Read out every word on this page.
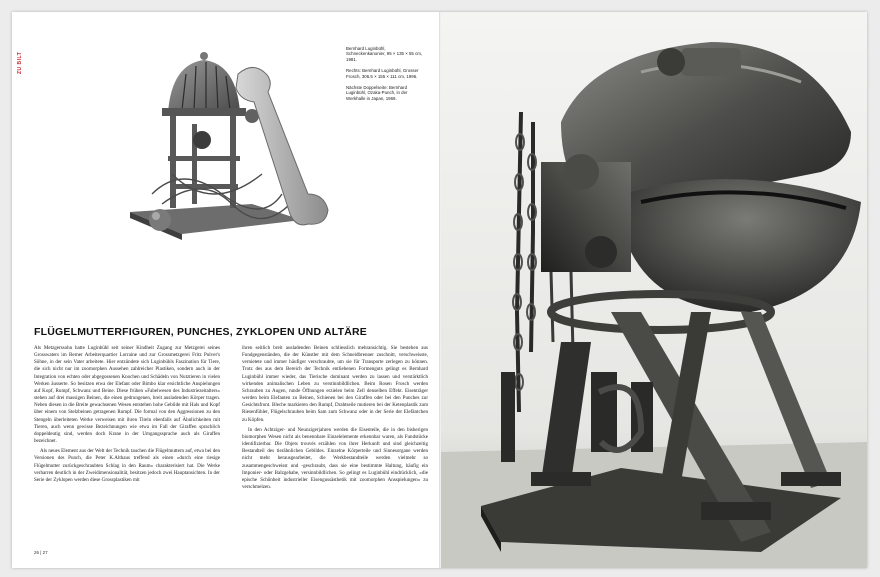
ZU BILT

Bernhard Luginbühl, Schneckenkanonier, 95 × 135 × 55 cm, 1981.

Rechts: Bernhard Luginbühl, Grosser Frosch, 306.5 × 155 × 111 cm, 1996.

Nächste Doppelseite: Bernhard Luginbühl, Ozaka-Punch, in der Werkhalle in Japan, 1969.

FLÜGELMUTTERFIGUREN, PUNCHES, ZYKLOPEN UND ALTÄRE

Als Metzgerssohn hatte Luginbühl seit seiner Kindheit Zugang zur Metzgerei seines Grosswaters im Berner Arbeiterquartier Lorraine und zur Grossmetzgerei Fritz Pulver's Söhne, in der sein Vater arbeitete. Hier entzündete sich Luginbühls Faszination für Tiere, die sich nicht nur im zoomorphen Aussehen zahlreicher Plastiken, sondern auch in der Integration von echten oder abgegossenen Knochen und Schädeln von Nutztieren in vielen Werken äusserte. So besitzen etwa der Elefant oder Bimbo klar ersichtliche Anspielungen auf Kopf, Rumpf, Schwanz und Beine. Diese frühen «Fabelwesen des Industriezeitalters» stehen auf drei massigen Beinen, die einen gedrungenen, breit ausladenden Körper tragen. Neben diesen in die Breite gewachsenen Wesen entstehen hohe Gebilde mit Hals und Kopf über einem von Stelzbeinen getragenen Rumpf. Die formal von den Aggressionen zu den Stengeln überleiteten Werke verweisen mit ihren Titeln ebenfalls auf Ähnlichkeiten mit Tieren, auch wenn gewisse Bezeichnungen wie etwa im Fall der Giraffen sprachlich doppeldeutig sind, werden doch Krane in der Umgangssprache auch als Giraffen bezeichnet.

Als neues Element aus der Welt der Technik tauchen die Flügelmuttern auf, etwa bei den Versionen des Punch, die Peter K.Althaus treffend als einen «durch eine riesige Flügelmutter zurückgeschraubten Schlag in den Raum» charakterisiert hat. Die Werke verharren deutlich in der Zweidimensionalität, besitzen jedoch zwei Hauptansichten. In der Serie der Zyklopen werden diese Grossplastiken mit

ihren seitlich breit ausladenden Beinen schliesslich mehransichtig. Sie bestehen aus Fundgegenständen, die der Künstler mit dem Schneidbrenner zuschnitt, verschweisste, vernietete und immer häufiger verschraubte, um sie für Transporte zerlegen zu können. Trotz des aus dem Bereich der Technik entliehenen Formenguts gelingt es Bernhard Luginbühl immer wieder, das Tierische dominant werden zu lassen und verstärktlich wirkenden animalischen Leben zu verstinnbildlichen. Beim Rosen Frosch werden Schrauben zu Augen, runde Öffnungen erzielen beim Zell denselben Effekt. Eisenträger werden beim Elefanten zu Beinen, Schienen bei den Giraffen oder bei den Punches zur Gesichtsfront. Bleche markieren den Rumpf, Drahtseile mutieren bei der Ketenplastik zum Riesenfühler, Flügelschrauben beim Sam zum Schwanz oder in der Serie der Elefäntchen zu Köpfen.

In den Achtziger- und Neunzigerjahren werden die Eisenteile, die in den bisherigen biomorphen Wesen nicht als benennbare Einzelelemente erkennbar waren, als Fundstücke identifizierbar. Die Objets trouvés erzählen von ihrer Herkunft und sind gleichzeitig Bestandteil des tierähnlichen Gebildes. Einzelne Körperteile und Sinnesorgane werden nicht mehr herausgearbeitet, die Werkbestandteile werden vielmehr so zusammengeschweisst und -geschraubt, dass sie eine bestimmte Haltung, häufig ein Imponier- oder Balzgehabe, versinnbildlichen. So gelingt es Luginbühl eindrücklich, «die epische Schönheit industrieller Eisengussästhetik mit zoomorphen Ansspielungen» zu verschmelzen.

26 | 27
